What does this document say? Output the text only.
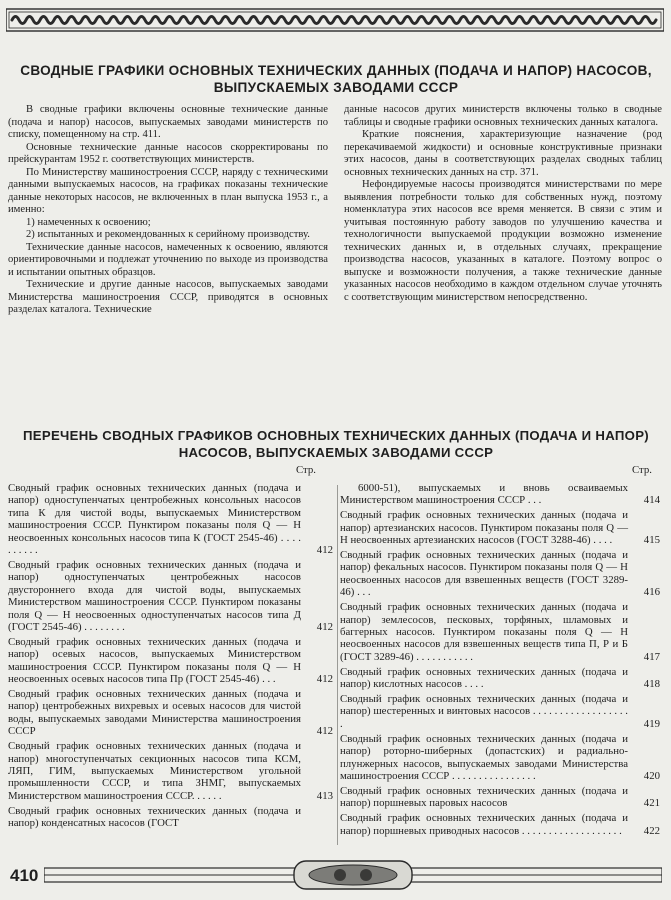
СВОДНЫЕ ГРАФИКИ ОСНОВНЫХ ТЕХНИЧЕСКИХ ДАННЫХ (ПОДАЧА И НАПОР) НАСОСОВ, ВЫПУСКАЕМЫХ ЗАВОДАМИ СССР

В сводные графики включены основные технические данные (подача и напор) насосов, выпускаемых заводами министерств по списку, помещенному на стр. 411.

Основные технические данные насосов скорректированы по прейскурантам 1952 г. соответствующих министерств.

По Министерству машиностроения СССР, наряду с техническими данными выпускаемых насосов, на графиках показаны технические данные некоторых насосов, не включенных в план выпуска 1953 г., а именно:

1) намеченных к освоению;

2) испытанных и рекомендованных к серийному производству.

Технические данные насосов, намеченных к освоению, являются ориентировочными и подлежат уточнению по выходе из производства и испытании опытных образцов.

Технические и другие данные насосов, выпускаемых заводами Министерства машиностроения СССР, приводятся в основных разделах каталога. Технические

данные насосов других министерств включены только в сводные таблицы и сводные графики основных технических данных каталога.

Краткие пояснения, характеризующие назначение (род перекачиваемой жидкости) и основные конструктивные признаки этих насосов, даны в соответствующих разделах сводных таблиц основных технических данных на стр. 371.

Нефондируемые насосы производятся министерствами по мере выявления потребности только для собственных нужд, поэтому номенклатура этих насосов все время меняется. В связи с этим и учитывая постоянную работу заводов по улучшению качества и технологичности выпускаемой продукции возможно изменение технических данных и, в отдельных случаях, прекращение производства насосов, указанных в каталоге. Поэтому вопрос о выпуске и возможности получения, а также технические данные указанных насосов необходимо в каждом отдельном случае уточнять с соответствующим министерством непосредственно.

ПЕРЕЧЕНЬ СВОДНЫХ ГРАФИКОВ ОСНОВНЫХ ТЕХНИЧЕСКИХ ДАННЫХ (ПОДАЧА И НАПОР) НАСОСОВ, ВЫПУСКАЕМЫХ ЗАВОДАМИ СССР
Стр.	Стр.
Сводный график основных технических данных (подача и напор) одноступенчатых центробежных консольных насосов типа К для чистой воды, выпускаемых Министерством машиностроения СССР. Пунктиром показаны поля Q — H неосвоенных консольных насосов типа К (ГОСТ 2545-46) . . . . . . . . . .	412
Сводный график основных технических данных (подача и напор) одноступенчатых центробежных насосов двустороннего входа для чистой воды, выпускаемых Министерством машиностроения СССР. Пунктиром показаны поля Q — H неосвоенных одноступенчатых насосов типа Д (ГОСТ 2545-46) . . . . . . . .	412
Сводный график основных технических данных (подача и напор) осевых насосов, выпускаемых Министерством машиностроения СССР. Пунктиром показаны поля Q — H неосвоенных осевых насосов типа Пр (ГОСТ 2545-46) . . .	412
Сводный график основных технических данных (подача и напор) центробежных вихревых и осевых насосов для чистой воды, выпускаемых заводами Министерства машиностроения СССР	412
Сводный график основных технических данных (подача и напор) многоступенчатых секционных насосов типа КСМ, ЛЯП, ГИМ, выпускаемых Министерством угольной промышленности СССР, и типа ЗНМГ, выпускаемых Министерством машиностроения СССР. . . . . .	413
Сводный график основных технических данных (подача и напор) конденсатных насосов (ГОСТ
6000-51), выпускаемых и вновь осваиваемых Министерством машиностроения СССР . . .	414
Сводный график основных технических данных (подача и напор) артезианских насосов. Пунктиром показаны поля Q — H неосвоенных артезианских насосов (ГОСТ 3288-46) . . . .	415
Сводный график основных технических данных (подача и напор) фекальных насосов. Пунктиром показаны поля Q — H неосвоенных насосов для взвешенных веществ (ГОСТ 3289-46) . . .	416
Сводный график основных технических данных (подача и напор) землесосов, песковых, торфяных, шламовых и баггерных насосов. Пунктиром показаны поля Q — H неосвоенных насосов для взвешенных веществ типа П, Р и Б (ГОСТ 3289-46) . . . . . . . . . . .	417
Сводный график основных технических данных (подача и напор) кислотных насосов . . . .	418
Сводный график основных технических данных (подача и напор) шестеренных и винтовых насосов . . . . . . . . . . . . . . . . . . .	419
Сводный график основных технических данных (подача и напор) роторно-шиберных (допастских) и радиально-плунжерных насосов, выпускаемых заводами Министерства машиностроения СССР . . . . . . . . . . . . . . . .	420
Сводный график основных технических данных (подача и напор) поршневых паровых насосов	421
Сводный график основных технических данных (подача и напор) поршневых приводных насосов . . . . . . . . . . . . . . . . . . .	422
410
